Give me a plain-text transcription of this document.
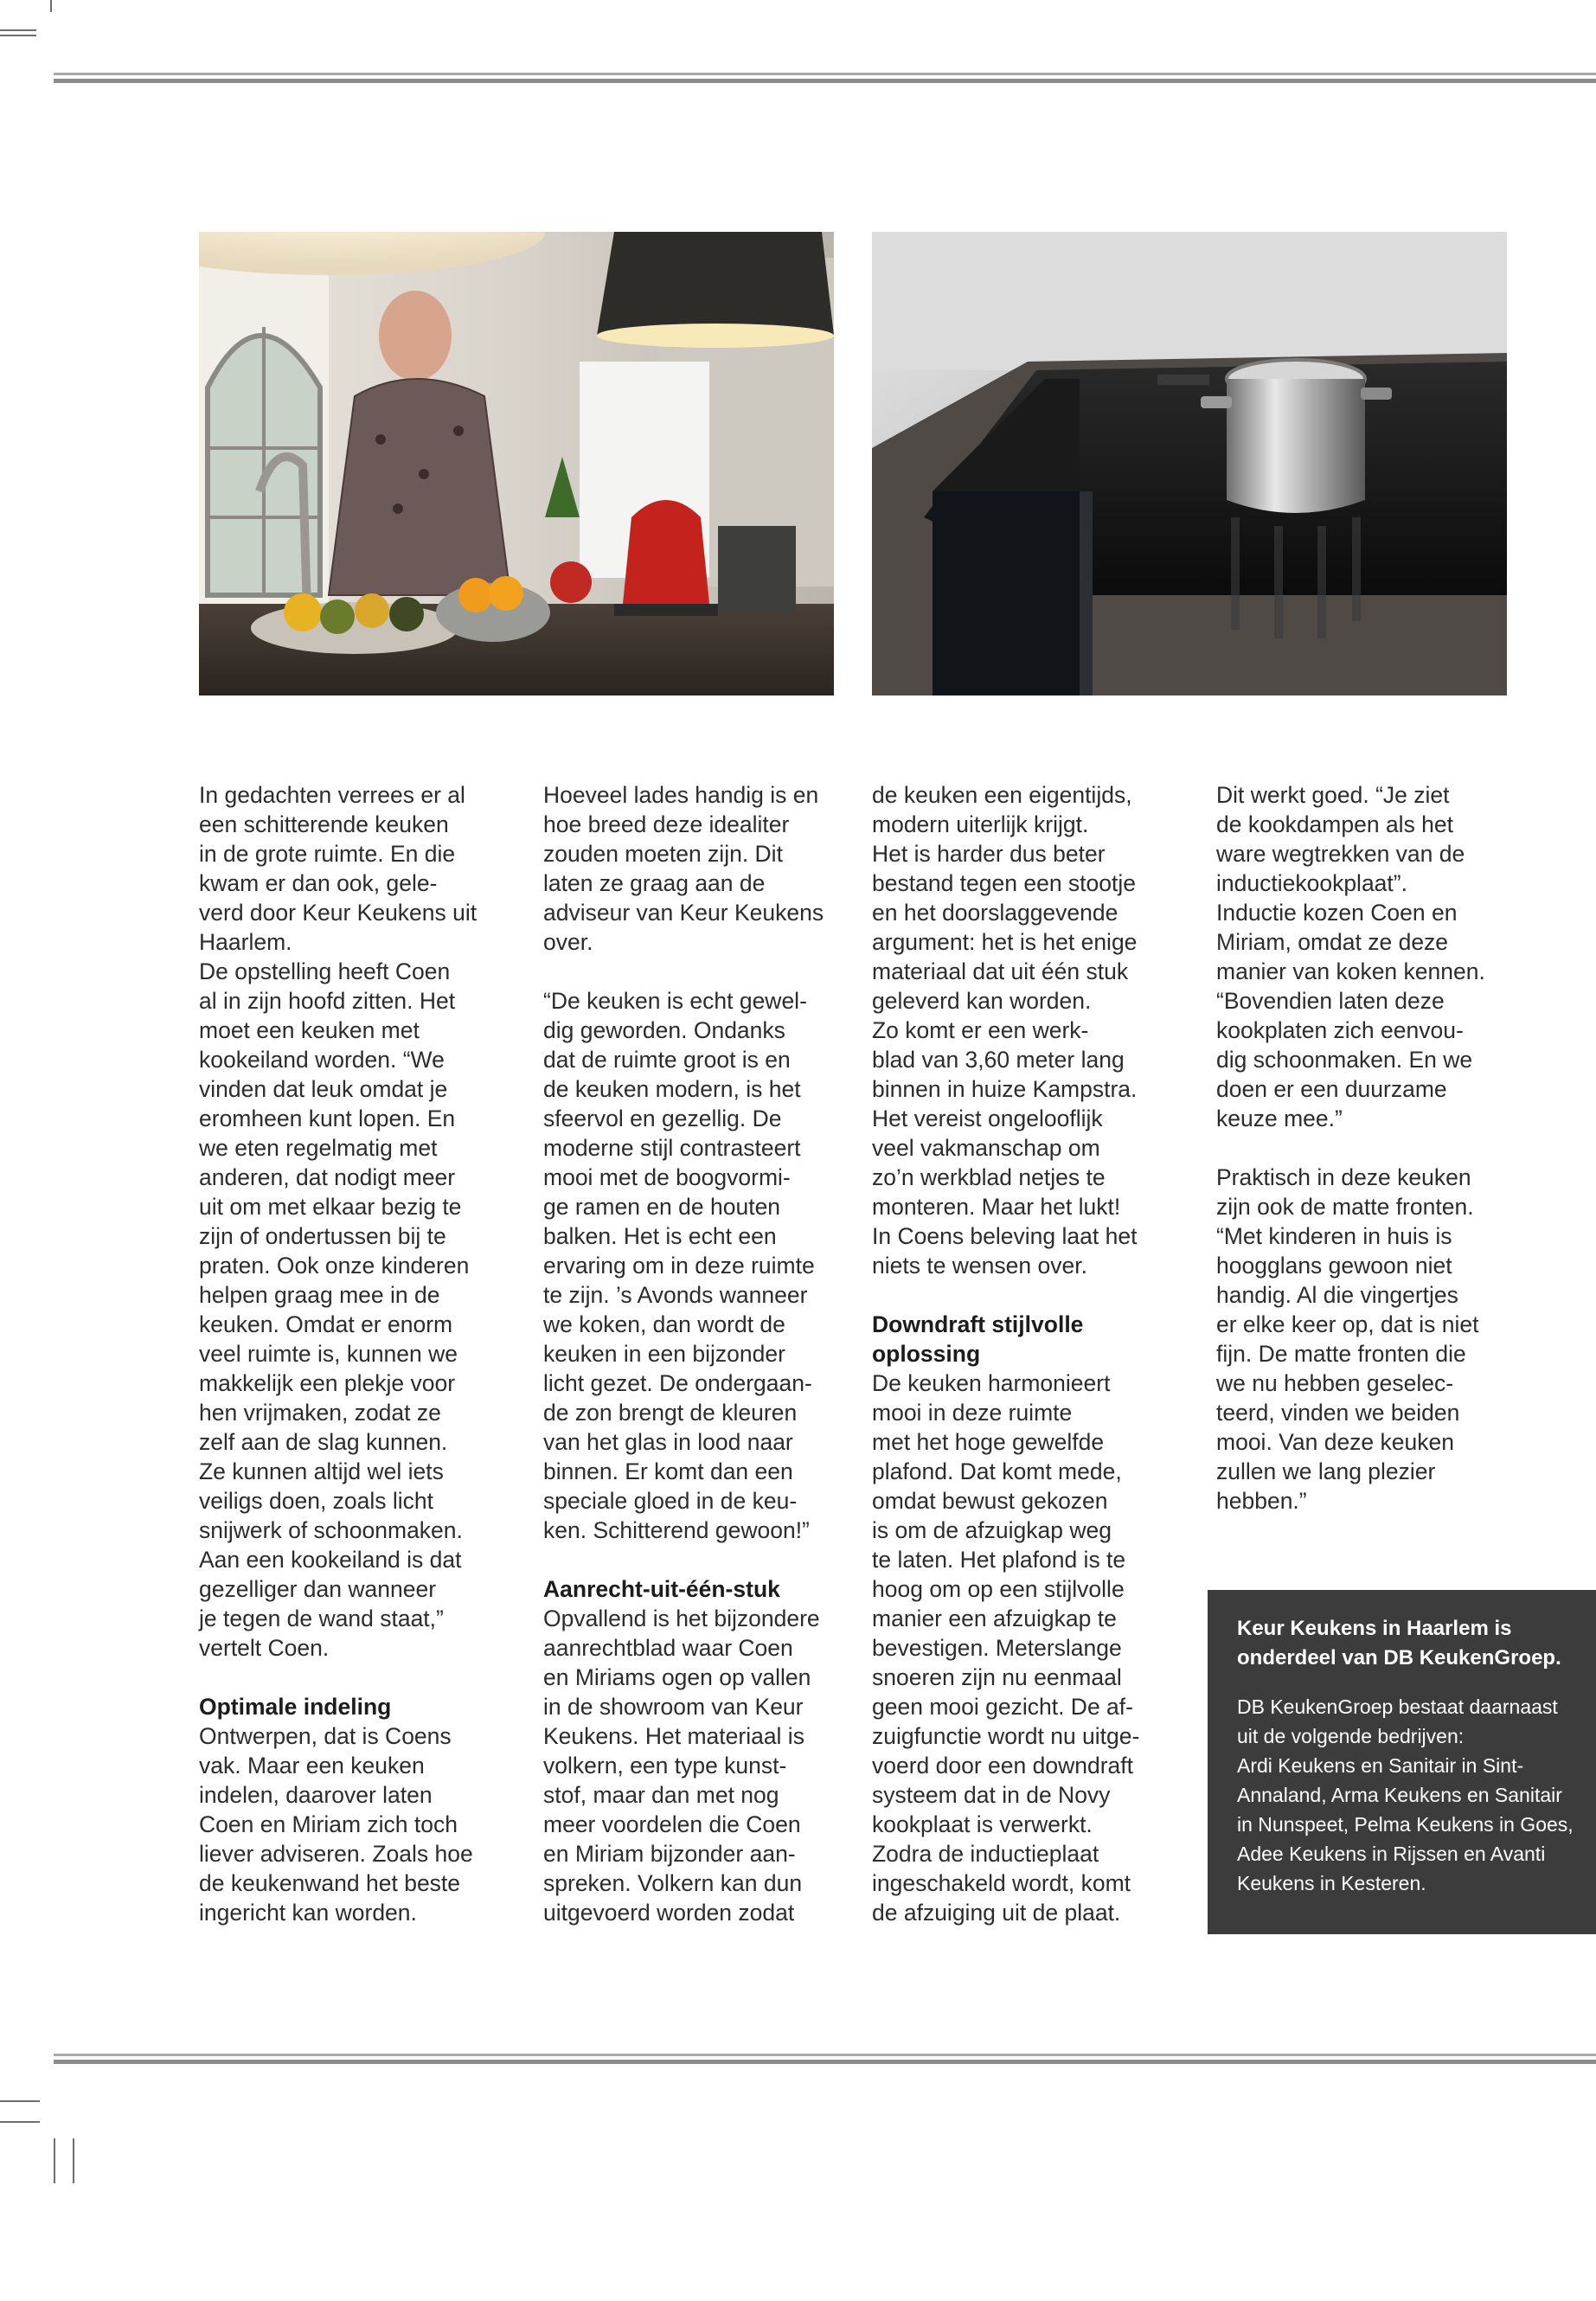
In gedachten verrees er al
een schitterende keuken
in de grote ruimte. En die
kwam er dan ook, gele-
verd door Keur Keukens uit
Haarlem.

De opstelling heeft Coen
al in zijn hoofd zitten. Het
moet een keuken met
kookeiland worden. “We
vinden dat leuk omdat je
eromheen kunt lopen. En
we eten regelmatig met
anderen, dat nodigt meer
uit om met elkaar bezig te
zijn of ondertussen bij te
praten. Ook onze kinderen
helpen graag mee in de
keuken. Omdat er enorm
veel ruimte is, kunnen we
makkelijk een plekje voor
hen vrijmaken, zodat ze
zelf aan de slag kunnen.
Ze kunnen altijd wel iets
veiligs doen, zoals licht
snijwerk of schoonmaken.
Aan een kookeiland is dat
gezelliger dan wanneer
je tegen de wand staat,”
vertelt Coen.

Optimale indeling

Ontwerpen, dat is Coens
vak. Maar een keuken
indelen, daarover laten
Coen en Miriam zich toch
liever adviseren. Zoals hoe
de keukenwand het beste
ingericht kan worden.

Hoeveel lades handig is en
hoe breed deze idealiter
zouden moeten zijn. Dit
laten ze graag aan de
adviseur van Keur Keukens
over.

“De keuken is echt gewel-
dig geworden. Ondanks
dat de ruimte groot is en
de keuken modern, is het
sfeervol en gezellig. De
moderne stijl contrasteert
mooi met de boogvormi-
ge ramen en de houten
balken. Het is echt een
ervaring om in deze ruimte
te zijn. ’s Avonds wanneer
we koken, dan wordt de
keuken in een bijzonder
licht gezet. De ondergaan-
de zon brengt de kleuren
van het glas in lood naar
binnen. Er komt dan een
speciale gloed in de keu-
ken. Schitterend gewoon!”

Aanrecht-uit-één-stuk

Opvallend is het bijzondere
aanrechtblad waar Coen
en Miriams ogen op vallen
in de showroom van Keur
Keukens. Het materiaal is
volkern, een type kunst-
stof, maar dan met nog
meer voordelen die Coen
en Miriam bijzonder aan-
spreken. Volkern kan dun
uitgevoerd worden zodat

de keuken een eigentijds,
modern uiterlijk krijgt.
Het is harder dus beter
bestand tegen een stootje
en het doorslaggevende
argument: het is het enige
materiaal dat uit één stuk
geleverd kan worden.
Zo komt er een werk-
blad van 3,60 meter lang
binnen in huize Kampstra.
Het vereist ongelooflijk
veel vakmanschap om
zo’n werkblad netjes te
monteren. Maar het lukt!
In Coens beleving laat het
niets te wensen over.

Downdraft stijlvolle
oplossing

De keuken harmonieert
mooi in deze ruimte
met het hoge gewelfde
plafond. Dat komt mede,
omdat bewust gekozen
is om de afzuigkap weg
te laten. Het plafond is te
hoog om op een stijlvolle
manier een afzuigkap te
bevestigen. Meterslange
snoeren zijn nu eenmaal
geen mooi gezicht. De af-
zuigfunctie wordt nu uitge-
voerd door een downdraft
systeem dat in de Novy
kookplaat is verwerkt.
Zodra de inductieplaat
ingeschakeld wordt, komt
de afzuiging uit de plaat.

Dit werkt goed. “Je ziet
de kookdampen als het
ware wegtrekken van de
inductiekookplaat”.
Inductie kozen Coen en
Miriam, omdat ze deze
manier van koken kennen.
“Bovendien laten deze
kookplaten zich eenvou-
dig schoonmaken. En we
doen er een duurzame
keuze mee.”

Praktisch in deze keuken
zijn ook de matte fronten.
“Met kinderen in huis is
hoogglans gewoon niet
handig. Al die vingertjes
er elke keer op, dat is niet
fijn. De matte fronten die
we nu hebben geselec-
teerd, vinden we beiden
mooi. Van deze keuken
zullen we lang plezier
hebben.”

Keur Keukens in Haarlem is
onderdeel van DB KeukenGroep.

DB KeukenGroep bestaat daarnaast
uit de volgende bedrijven:
Ardi Keukens en Sanitair in Sint-
Annaland, Arma Keukens en Sanitair
in Nunspeet, Pelma Keukens in Goes,
Adee Keukens in Rijssen en Avanti
Keukens in Kesteren.
